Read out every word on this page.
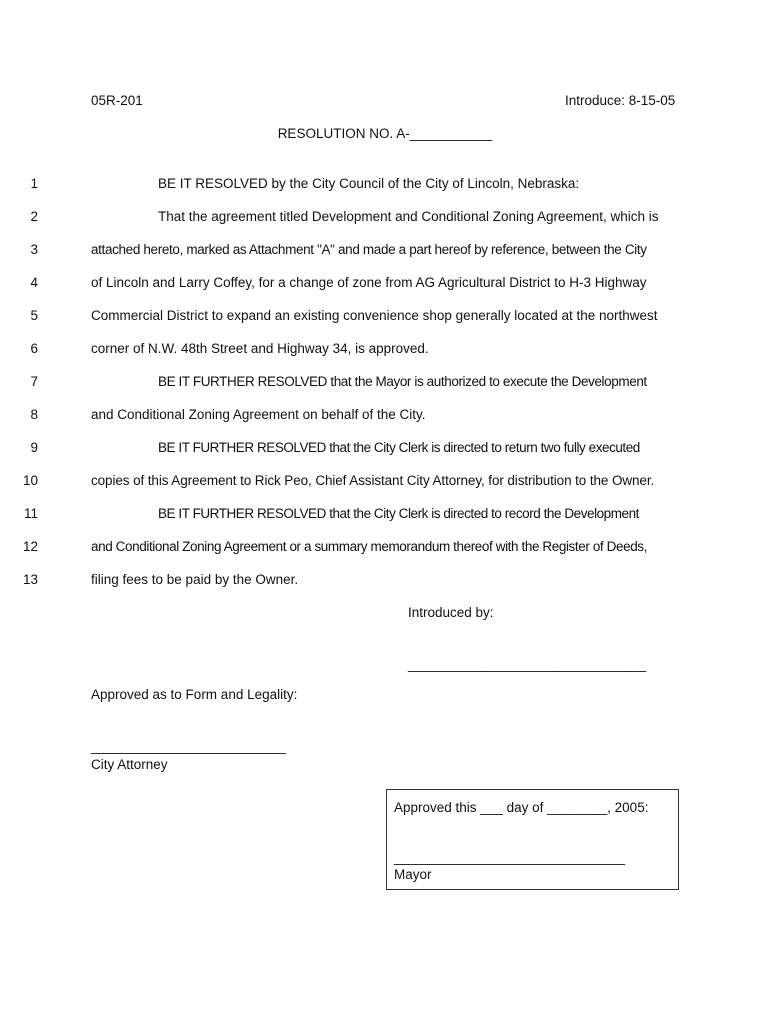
05R-201	Introduce: 8-15-05
RESOLUTION NO. A-___________
1	BE IT RESOLVED by the City Council of the City of Lincoln, Nebraska:
2	That the agreement titled Development and Conditional Zoning Agreement, which is
3	attached hereto, marked as Attachment "A" and made a part hereof by reference, between the City
4	of Lincoln and Larry Coffey, for a change of zone from AG Agricultural District to H-3 Highway
5	Commercial District to expand an existing convenience shop generally located at the northwest
6	corner of N.W. 48th Street and Highway 34, is approved.
7	BE IT FURTHER RESOLVED that the Mayor is authorized to execute the Development
8	and Conditional Zoning Agreement on behalf of the City.
9	BE IT FURTHER RESOLVED that the City Clerk is directed to return two fully executed
10	copies of this Agreement to Rick Peo, Chief Assistant City Attorney, for distribution to the Owner.
11	BE IT FURTHER RESOLVED that the City Clerk is directed to record the Development
12	and Conditional Zoning Agreement or a summary memorandum thereof with the Register of Deeds,
13	filing fees to be paid by the Owner.
Introduced by:
_________________________________
Approved as to Form and Legality:
___________________________
City Attorney
Approved this ___ day of ________, 2005:
________________________________
Mayor
